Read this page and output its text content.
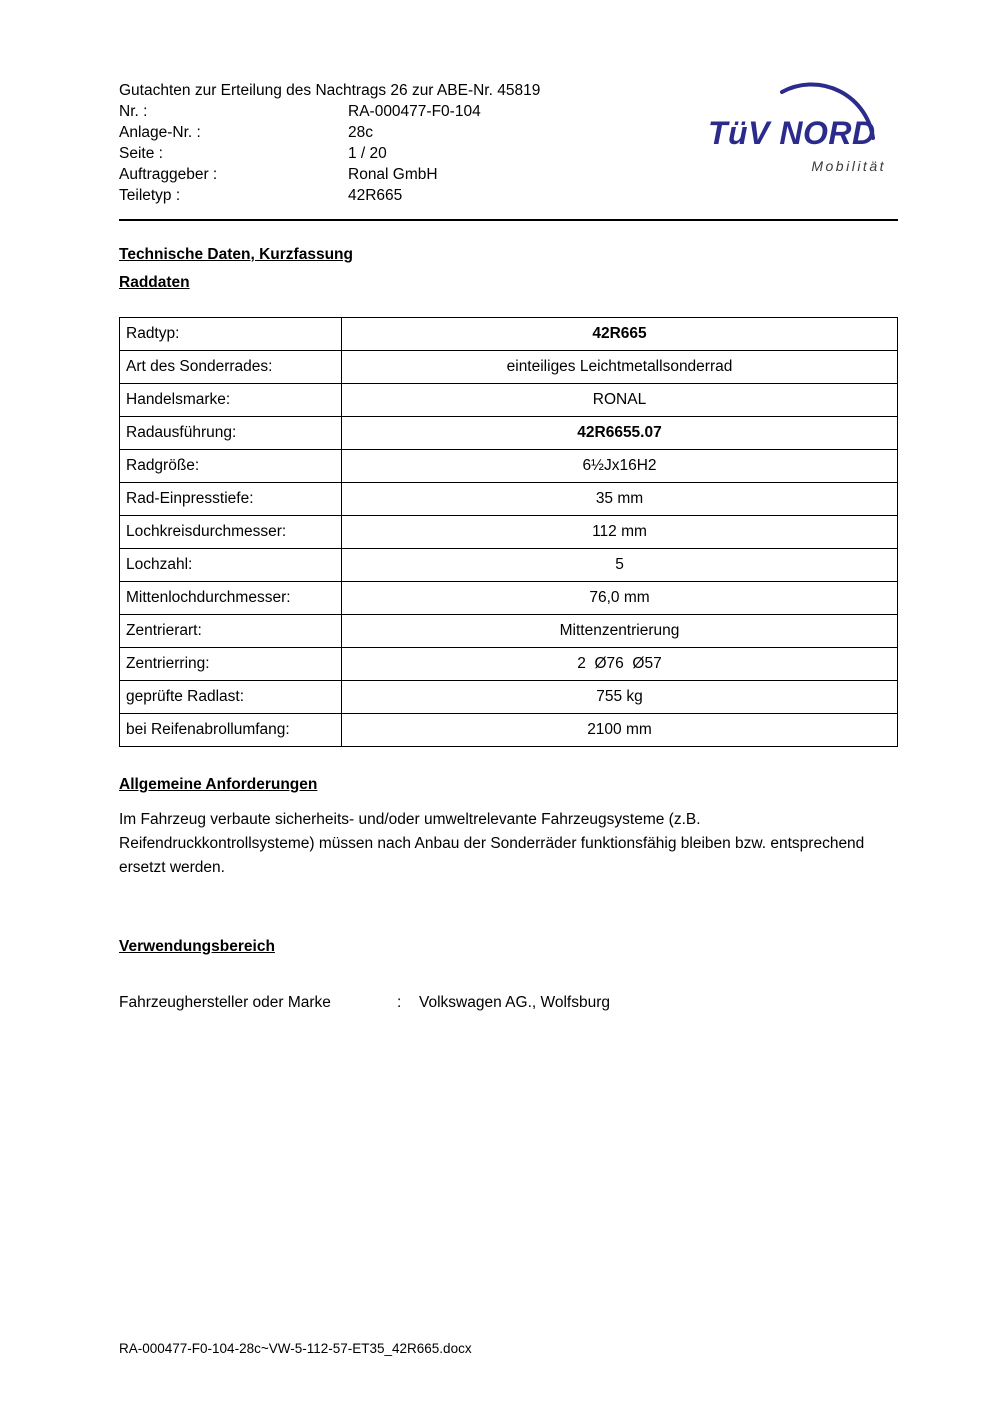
Gutachten zur Erteilung des Nachtrags 26 zur ABE-Nr. 45819
Nr. :	RA-000477-F0-104
Anlage-Nr. :	28c
Seite :	1 / 20
Auftraggeber :	Ronal GmbH
Teiletyp :	42R665
TüV NORD
Mobilität
Technische Daten, Kurzfassung
Raddaten
Radtyp:	42R665
Art des Sonderrades:	einteiliges Leichtmetallsonderrad
Handelsmarke:	RONAL
Radausführung:	42R6655.07
Radgröße:	6½Jx16H2
Rad-Einpresstiefe:	35 mm
Lochkreisdurchmesser:	112 mm
Lochzahl:	5
Mittenlochdurchmesser:	76,0 mm
Zentrierart:	Mittenzentrierung
Zentrierring:	2  Ø76  Ø57
geprüfte Radlast:	755 kg
bei Reifenabrollumfang:	2100 mm
Allgemeine Anforderungen

Im Fahrzeug verbaute sicherheits- und/oder umweltrelevante Fahrzeugsysteme (z.B. Reifendruckkontrollsysteme) müssen nach Anbau der Sonderräder funktionsfähig bleiben bzw. entsprechend ersetzt werden.

Verwendungsbereich
Fahrzeughersteller oder Marke	:	Volkswagen AG., Wolfsburg
RA-000477-F0-104-28c~VW-5-112-57-ET35_42R665.docx
